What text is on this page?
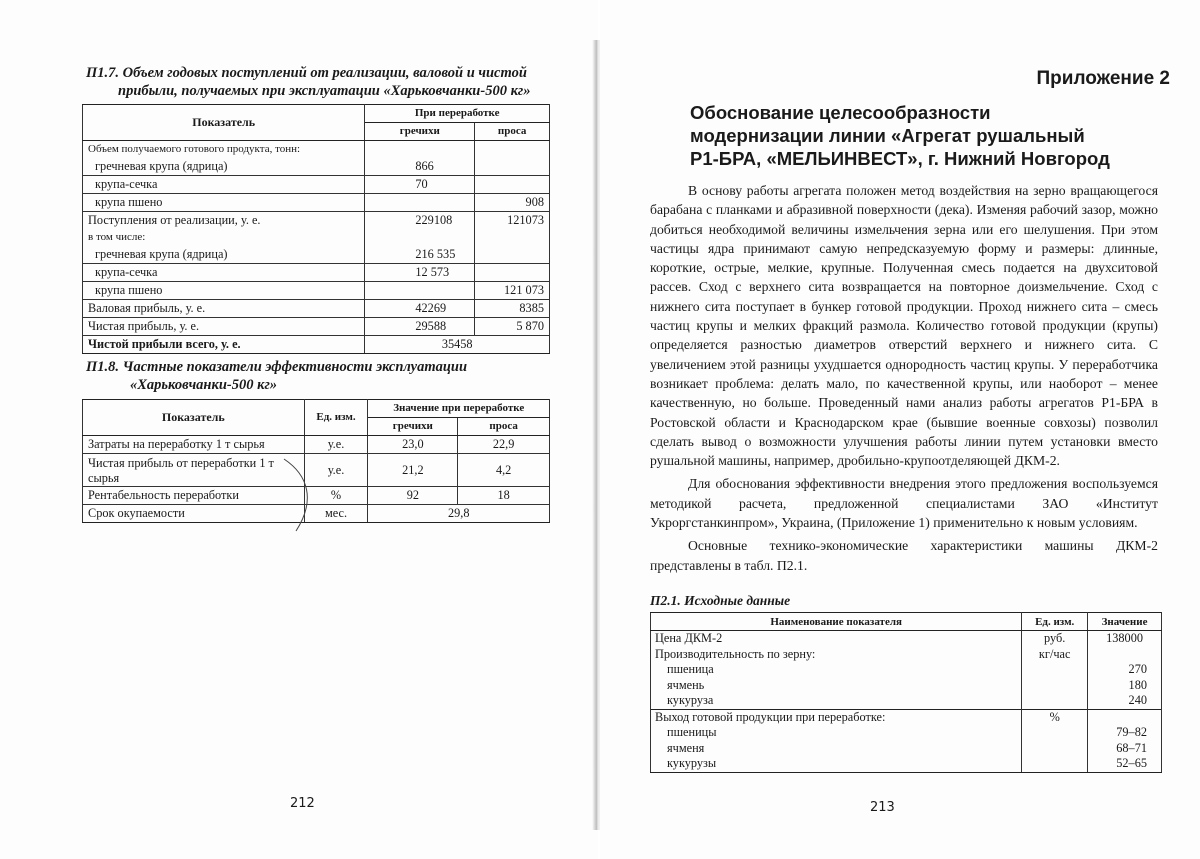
П1.7. Объем годовых поступлений от реализации, валовой и чистой
прибыли, получаемых при эксплуатации «Харьковчанки-500 кг»
Показатель	При переработке	
	гречихи	проса
Объем получаемого готового продукта, тонн:		
гречневая крупа (ядрица)	866	
крупа-сечка	70	
крупа пшено		908
Поступления от реализации, у. е.	229108	121073
в том числе:		
гречневая крупа (ядрица)	216 535	
крупа-сечка	12 573	
крупа пшено		121 073
Валовая прибыль, у. е.	42269	8385
Чистая прибыль, у. е.	29588	5 870
Чистой прибыли всего, у. е.	35458	
П1.8. Частные показатели эффективности эксплуатации
«Харьковчанки-500 кг»
Показатель	Ед. изм.	Значение при переработке	
		гречихи	проса
Затраты на переработку 1 т сырья	у.е.	23,0	22,9
Чистая прибыль от переработки 1 т сырья	у.е.	21,2	4,2
Рентабельность переработки	%	92	18
Срок окупаемости	мес.	29,8	
212
Приложение 2
Обоснование целесообразности
модернизации линии «Агрегат рушальный
Р1-БРА, «МЕЛЬИНВЕСТ», г. Нижний Новгород

В основу работы агрегата положен метод воздействия на зерно вращающегося барабана с планками и абразивной поверхности (дека). Изменяя рабочий зазор, можно добиться необходимой величины измельчения зерна или его шелушения. При этом частицы ядра принимают самую непредсказуемую форму и размеры: длинные, короткие, острые, мелкие, крупные. Полученная смесь подается на двухситовой рассев. Сход с верхнего сита возвращается на повторное доизмельчение. Сход с нижнего сита поступает в бункер готовой продукции. Проход нижнего сита – смесь частиц крупы и мелких фракций размола. Количество готовой продукции (крупы) определяется разностью диаметров отверстий верхнего и нижнего сита. С увеличением этой разницы ухудшается однородность частиц крупы. У переработчика возникает проблема: делать мало, по качественной крупы, или наоборот – менее качественную, но больше. Проведенный нами анализ работы агрегатов Р1-БРА в Ростовской области и Краснодарском крае (бывшие военные совхозы) позволил сделать вывод о возможности улучшения работы линии путем установки вместо рушальной машины, например, дробильно-крупоотделяющей ДКМ-2.

Для обоснования эффективности внедрения этого предложения воспользуемся методикой расчета, предложенной специалистами ЗАО «Институт Укроргстанкинпром», Украина, (Приложение 1) применительно к новым условиям.

Основные технико-экономические характеристики машины ДКМ-2 представлены в табл. П2.1.

П2.1. Исходные данные
Наименование показателя	Ед. изм.	Значение
Цена ДКМ-2	руб.	138000
Производительность по зерну:	кг/час	
пшеница		270
ячмень		180
кукуруза		240
Выход готовой продукции при переработке:	%	
пшеницы		79–82
ячменя		68–71
кукурузы		52–65
213
